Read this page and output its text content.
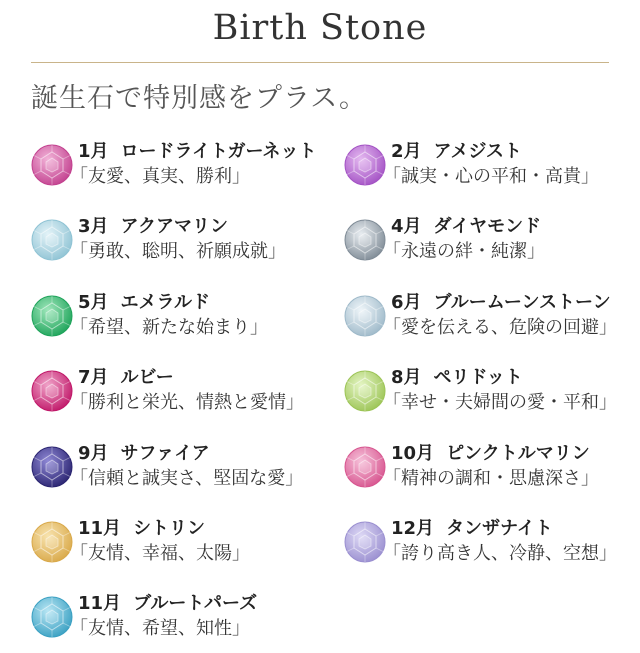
Birth Stone
誕生石で特別感をプラス。
1月 ロードライトガーネット
「友愛、真実、勝利」
2月 アメジスト
「誠実・心の平和・高貴」
3月 アクアマリン
「勇敢、聡明、祈願成就」
4月 ダイヤモンド
「永遠の絆・純潔」
5月 エメラルド
「希望、新たな始まり」
6月 ブルームーンストーン
「愛を伝える、危険の回避」
7月 ルビー
「勝利と栄光、情熱と愛情」
8月 ペリドット
「幸せ・夫婦間の愛・平和」
9月 サファイア
「信頼と誠実さ、堅固な愛」
10月 ピンクトルマリン
「精神の調和・思慮深さ」
11月 シトリン
「友情、幸福、太陽」
12月 タンザナイト
「誇り高き人、冷静、空想」
11月 ブルートパーズ
「友情、希望、知性」
